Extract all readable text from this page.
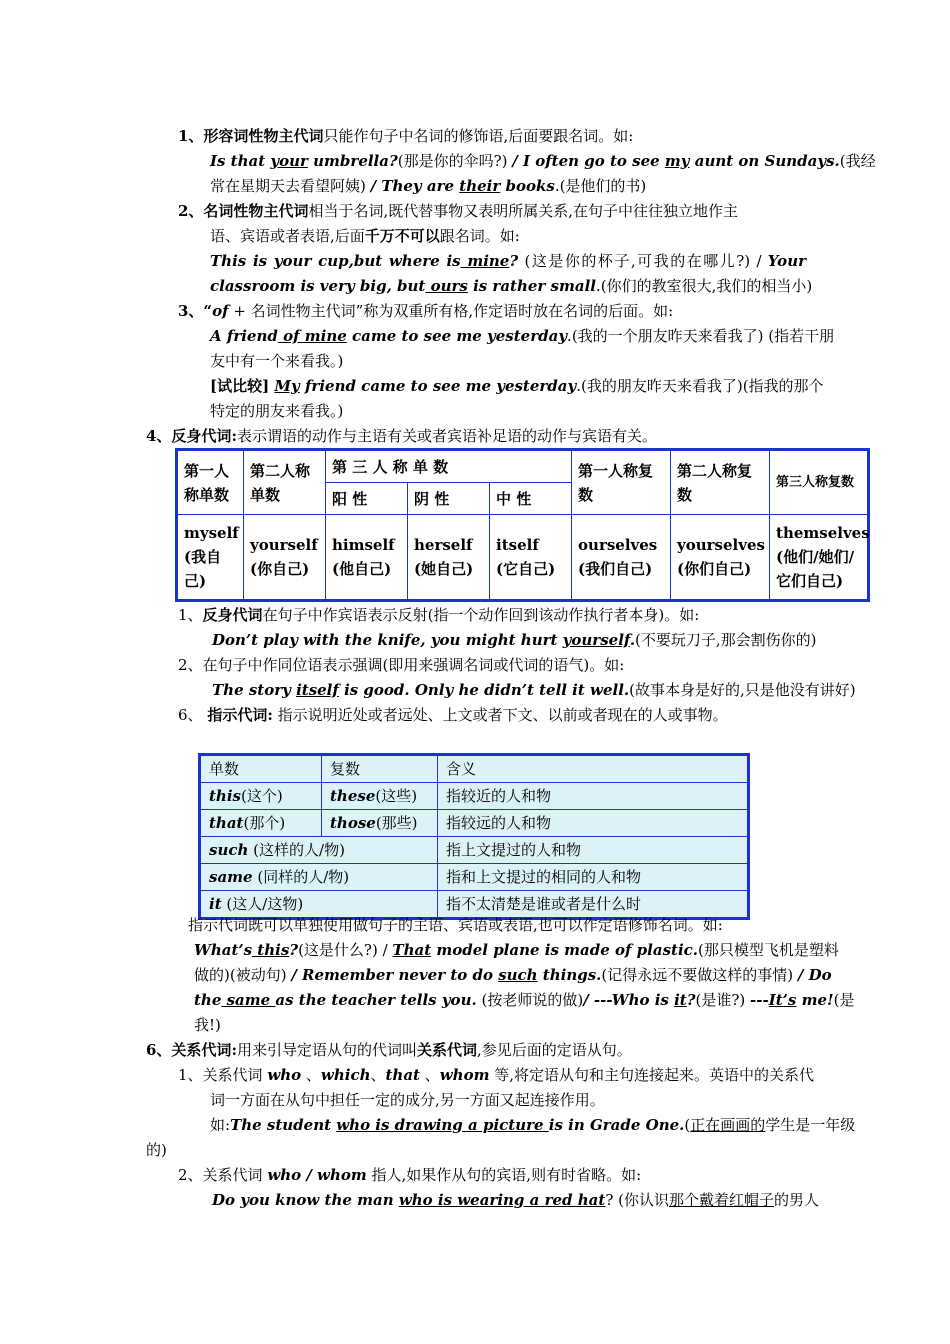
1、形容词性物主代词只能作句子中名词的修饰语,后面要跟名词。如:
Is that your umbrella?(那是你的伞吗?) / I often go to see my aunt on Sundays.(我经
常在星期天去看望阿姨) / They are their books.(是他们的书)
2、名词性物主代词相当于名词,既代替事物又表明所属关系,在句子中往往独立地作主
语、宾语或者表语,后面千万不可以跟名词。如:
This is your cup,but where is mine? (这是你的杯子,可我的在哪儿?) / Your
classroom is very big, but ours is rather small.(你们的教室很大,我们的相当小)
3、“of + 名词性物主代词”称为双重所有格,作定语时放在名词的后面。如:
A friend of mine came to see me yesterday.(我的一个朋友昨天来看我了) (指若干朋
友中有一个来看我。)
[试比较] My friend came to see me yesterday.(我的朋友昨天来看我了)(指我的那个
特定的朋友来看我。)
4、反身代词:表示谓语的动作与主语有关或者宾语补足语的动作与宾语有关。
第一人称单数	第二人称单数	第 三 人 称 单 数			第一人称复数	第二人称复数	第三人称复数
		阳 性	阴 性	中 性			
myself (我自己)	yourself (你自己)	himself (他自己)	herself (她自己)	itself (它自己)	ourselves (我们自己)	yourselves (你们自己)	themselves (他们/她们/它们自己)
1、反身代词在句子中作宾语表示反射(指一个动作回到该动作执行者本身)。如:
Don’t play with the knife, you might hurt yourself.(不要玩刀子,那会割伤你的)
2、在句子中作同位语表示强调(即用来强调名词或代词的语气)。如:
The story itself is good. Only he didn’t tell it well.(故事本身是好的,只是他没有讲好)
6、 指示代词: 指示说明近处或者远处、上文或者下文、以前或者现在的人或事物。
单数	复数	含义
this(这个)	these(这些)	指较近的人和物
that(那个)	those(那些)	指较远的人和物
such (这样的人/物)		指上文提过的人和物
same (同样的人/物)		指和上文提过的相同的人和物
it (这人/这物)		指不太清楚是谁或者是什么时
指示代词既可以单独使用做句子的主语、宾语或表语,也可以作定语修饰名词。如:
What’s this?(这是什么?) / That model plane is made of plastic.(那只模型飞机是塑料
做的)(被动句) / Remember never to do such things.(记得永远不要做这样的事情) / Do
the same as the teacher tells you. (按老师说的做)/ ---Who is it?(是谁?) ---It’s me!(是
我!)
6、关系代词:用来引导定语从句的代词叫关系代词,参见后面的定语从句。
1、关系代词 who 、which、that 、whom 等,将定语从句和主句连接起来。英语中的关系代
词一方面在从句中担任一定的成分,另一方面又起连接作用。
如:The student who is drawing a picture is in Grade One.(正在画画的学生是一年级
的)
2、关系代词 who / whom 指人,如果作从句的宾语,则有时省略。如:
Do you know the man who is wearing a red hat? (你认识那个戴着红帽子的男人
